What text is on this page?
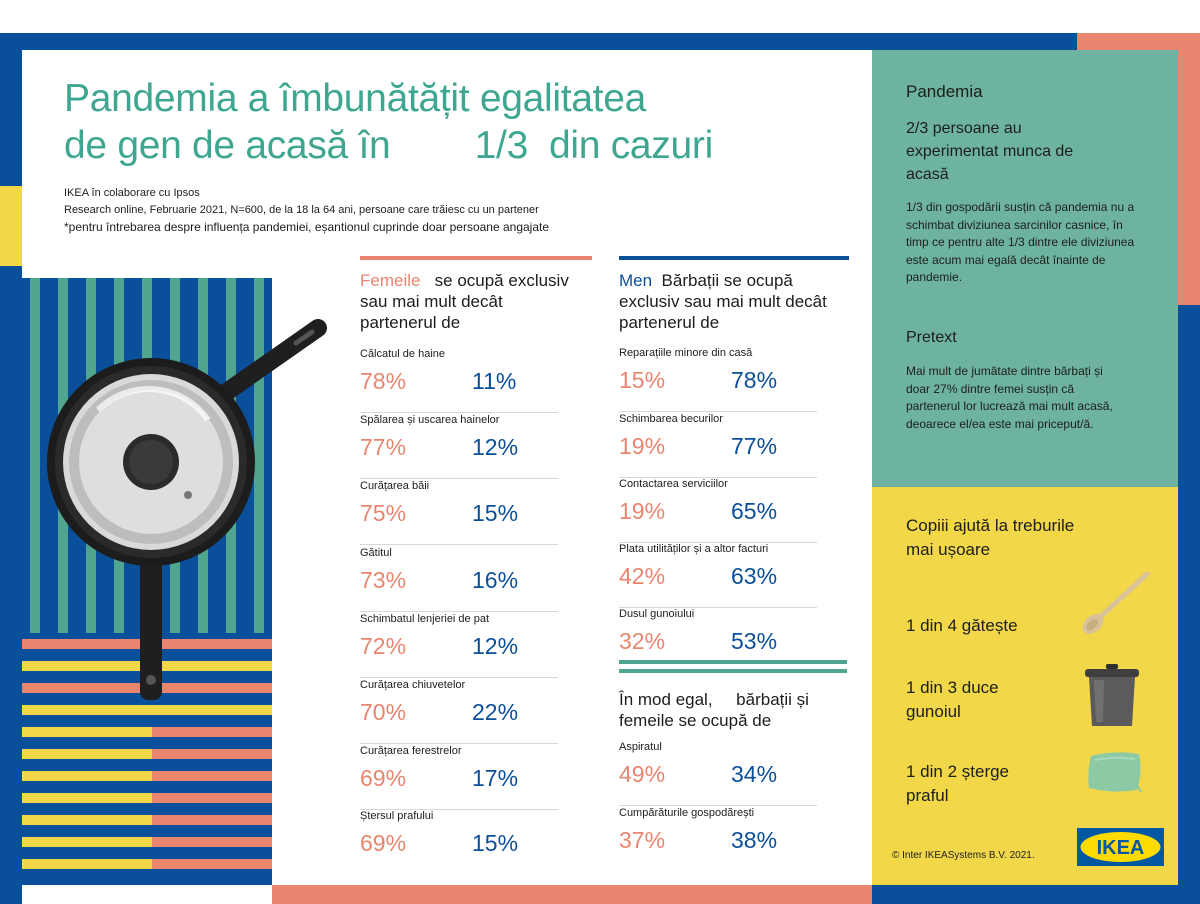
Pandemia a îmbunătățit egalitatea
de gen de acasă în        1/3  din cazuri
IKEA în colaborare cu Ipsos
Research online, Februarie 2021, N=600, de la 18 la 64 ani, persoane care trăiesc cu un partener
*pentru întrebarea despre influența pandemiei, eșantionul cuprinde doar persoane angajate
Femeile se ocupă exclusiv sau mai mult decât partenerul de
Călcatul de haine
78%	11%
Spălarea și uscarea hainelor
77%	12%
Curățarea băii
75%	15%
Gătitul
73%	16%
Schimbatul lenjeriei de pat
72%	12%
Curățarea chiuvetelor
70%	22%
Curățarea ferestrelor
69%	17%
Ștersul prafului
69%	15%
Men Bărbații se ocupă exclusiv sau mai mult decât partenerul de
Reparațiile minore din casă
15%	78%
Schimbarea becurilor
19%	77%
Contactarea serviciilor
19%	65%
Plata utilităților și a altor facturi
42%	63%
Dusul gunoiului
32%	53%
În mod egal,     bărbații și femeile se ocupă de
Aspiratul
49%	34%
Cumpărăturile gospodărești
37%	38%
Pandemia
2/3 persoane au experimentat munca de acasă
1/3 din gospodării susțin că pandemia nu a schimbat diviziunea sarcinilor casnice, în timp ce pentru alte 1/3 dintre ele diviziunea este acum mai egală decât înainte de pandemie.
Pretext
Mai mult de jumătate dintre bărbați și doar 27% dintre femei susțin că partenerul lor lucrează mai mult acasă, deoarece el/ea este mai priceput/ă.
Copiii ajută la treburile mai ușoare
1 din 4 gătește
1 din 3 duce gunoiul
1 din 2 șterge praful
© Inter IKEASystems B.V. 2021.	IKEA
